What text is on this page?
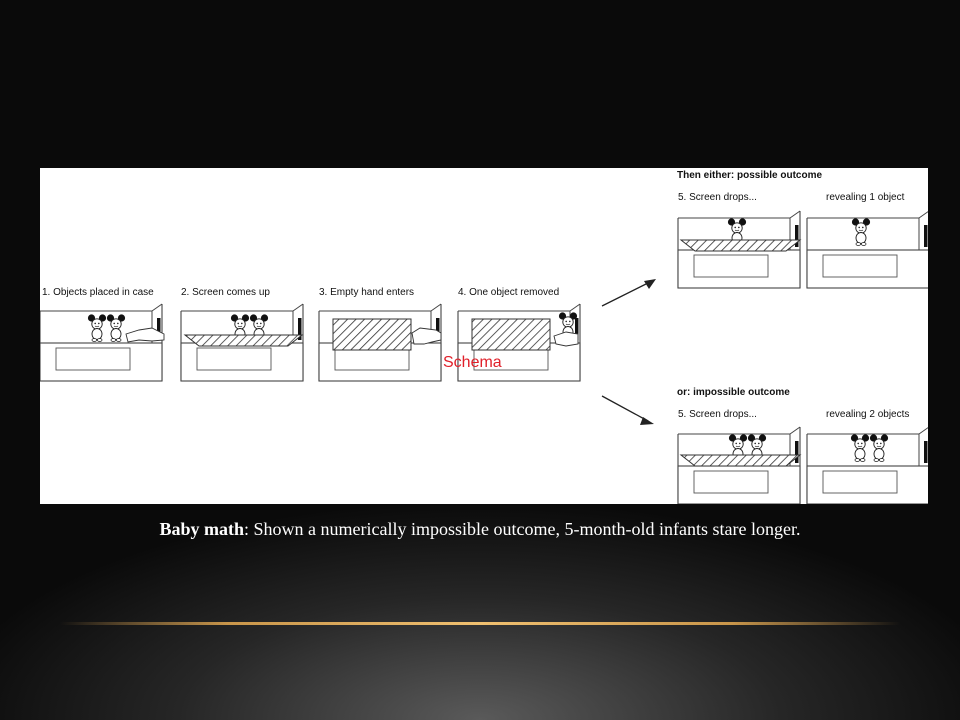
1. Objects placed in case	2. Screen comes up	3. Empty hand enters	4. One object removed
Then either: possible outcome
5. Screen drops...	revealing 1 object
or: impossible outcome
5. Screen drops...	revealing 2 objects
Schema
Baby math: Shown a numerically impossible outcome, 5-month-old infants stare longer.
